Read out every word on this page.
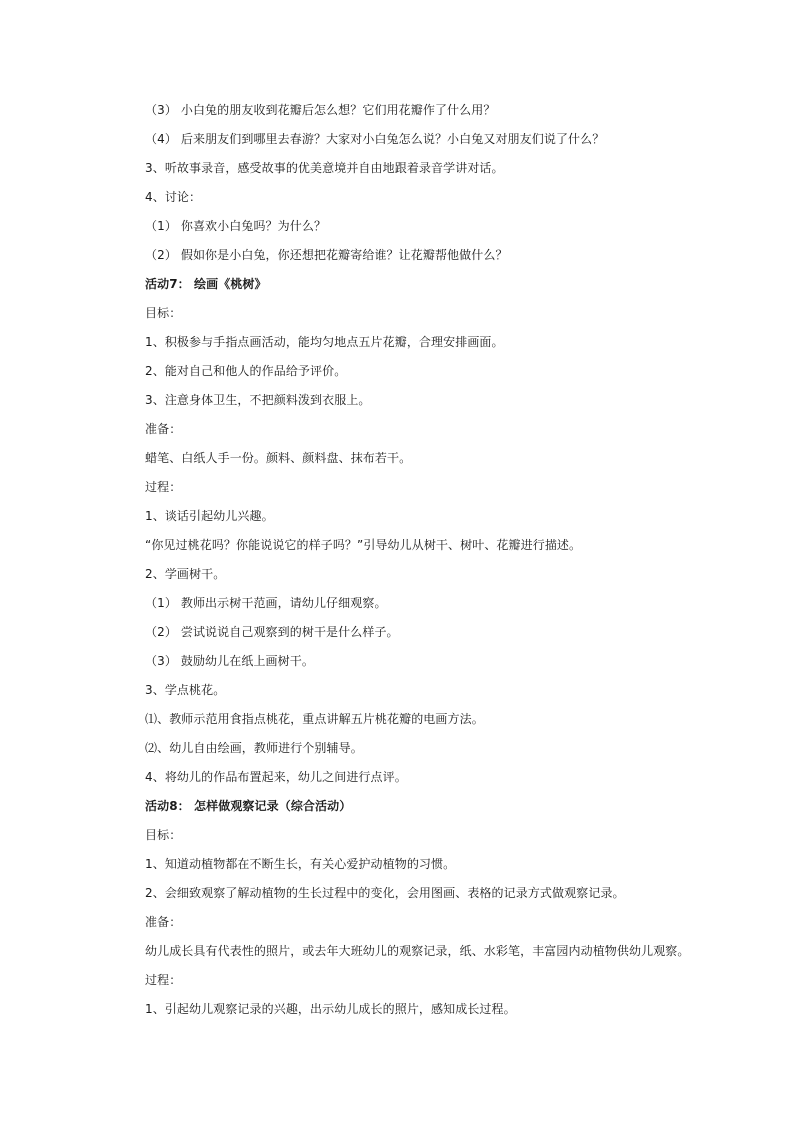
（3） 小白兔的朋友收到花瓣后怎么想？它们用花瓣作了什么用？
（4） 后来朋友们到哪里去春游？大家对小白兔怎么说？小白兔又对朋友们说了什么？
3、听故事录音，感受故事的优美意境并自由地跟着录音学讲对话。
4、讨论：
（1） 你喜欢小白兔吗？为什么？
（2） 假如你是小白兔，你还想把花瓣寄给谁？让花瓣帮他做什么？
活动7： 绘画《桃树》
目标：
1、积极参与手指点画活动，能均匀地点五片花瓣，合理安排画面。
2、能对自己和他人的作品给予评价。
3、注意身体卫生，不把颜料泼到衣服上。
准备：
蜡笔、白纸人手一份。颜料、颜料盘、抹布若干。
过程：
1、谈话引起幼儿兴趣。
“你见过桃花吗？你能说说它的样子吗？”引导幼儿从树干、树叶、花瓣进行描述。
2、学画树干。
（1） 教师出示树干范画，请幼儿仔细观察。
（2） 尝试说说自己观察到的树干是什么样子。
（3） 鼓励幼儿在纸上画树干。
3、学点桃花。
⑴、教师示范用食指点桃花，重点讲解五片桃花瓣的电画方法。
⑵、幼儿自由绘画，教师进行个别辅导。
4、将幼儿的作品布置起来，幼儿之间进行点评。
活动8： 怎样做观察记录（综合活动）
目标：
1、知道动植物都在不断生长，有关心爱护动植物的习惯。
2、会细致观察了解动植物的生长过程中的变化，会用图画、表格的记录方式做观察记录。
准备：
幼儿成长具有代表性的照片，或去年大班幼儿的观察记录，纸、水彩笔，丰富园内动植物供幼儿观察。
过程：
1、引起幼儿观察记录的兴趣，出示幼儿成长的照片，感知成长过程。
